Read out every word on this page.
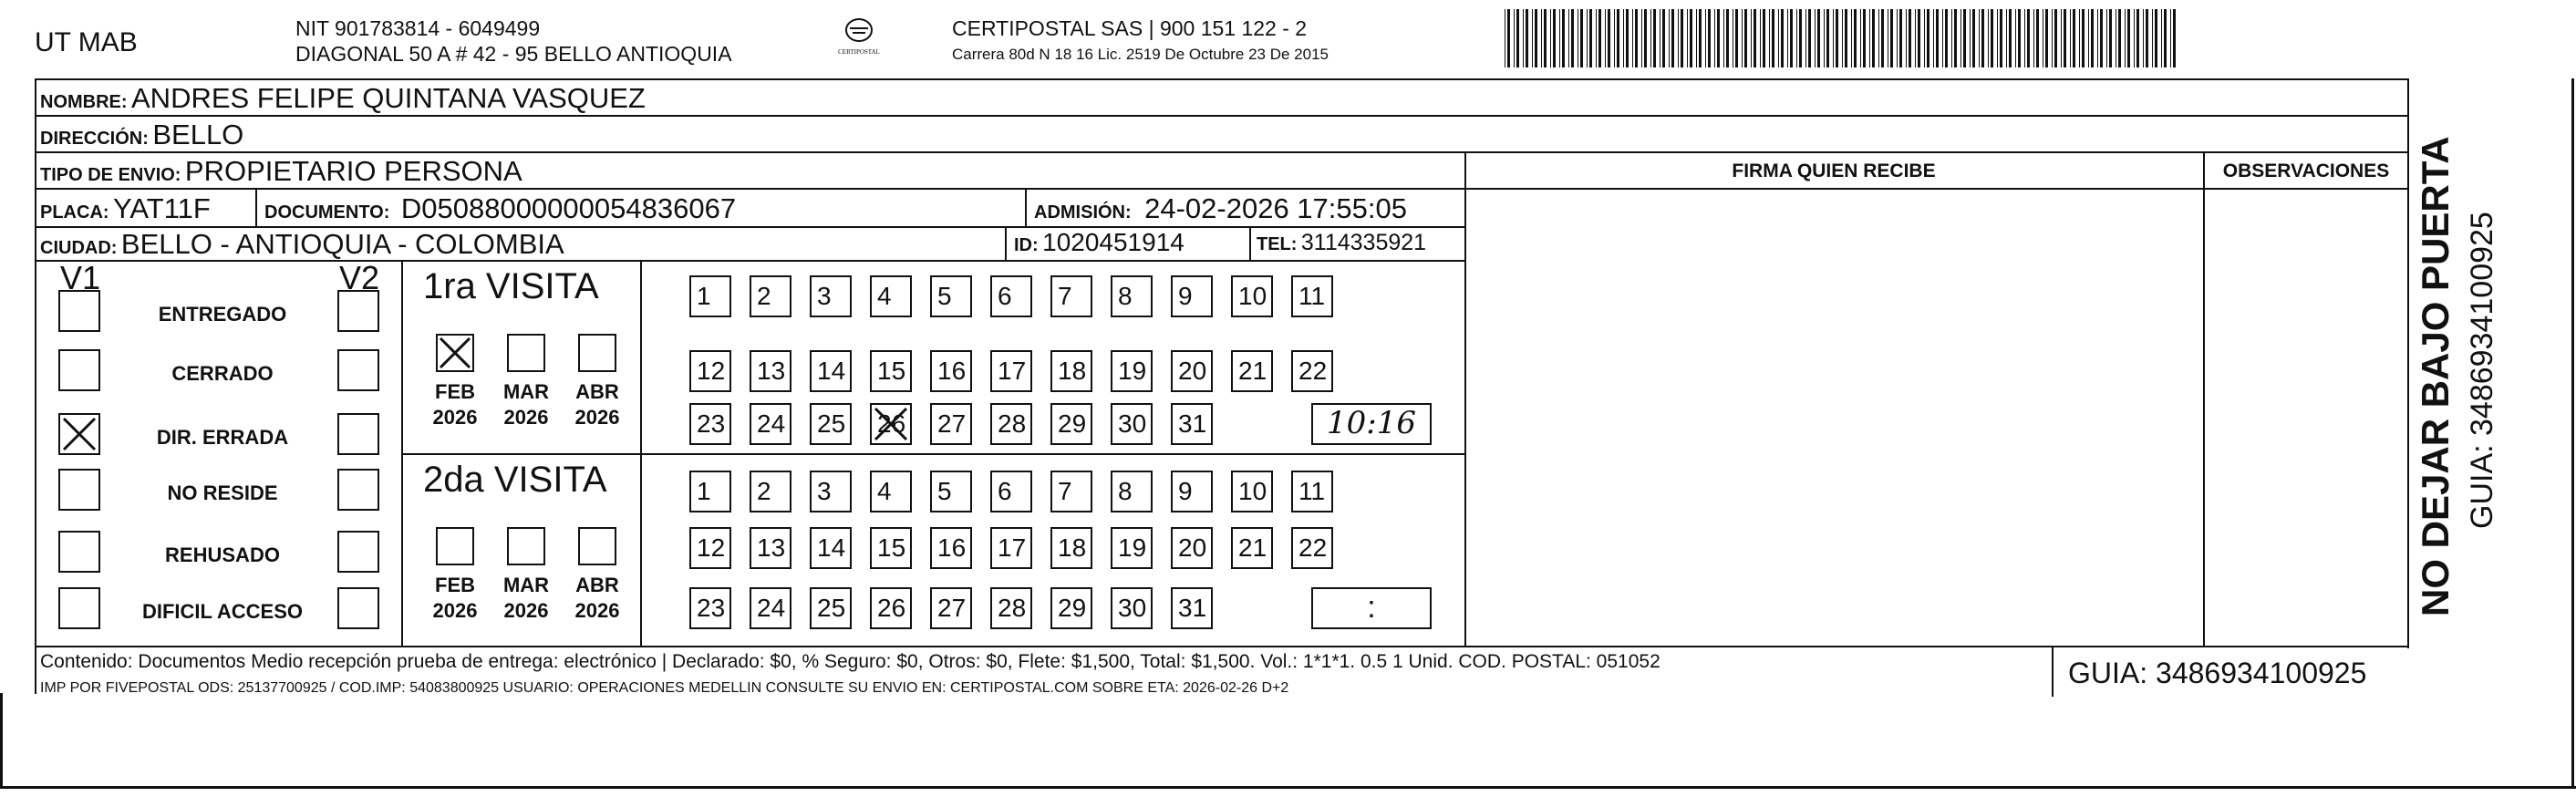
UT MAB	NIT 901783814 - 6049499
DIAGONAL 50 A # 42 - 95 BELLO ANTIOQUIA	CERTIPOSTAL
CERTIPOSTAL SAS | 900 151 122 - 2
Carrera 80d N 18 16 Lic. 2519 De Octubre 23 De 2015
NOMBRE: ANDRES FELIPE QUINTANA VASQUEZ
DIRECCIÓN: BELLO
TIPO DE ENVIO: PROPIETARIO PERSONA	FIRMA QUIEN RECIBE	OBSERVACIONES
PLACA: YAT11F	DOCUMENTO: D05088000000054836067	ADMISIÓN: 24-02-2026 17:55:05
CIUDAD: BELLO - ANTIOQUIA - COLOMBIA	ID: 1020451914	TEL: 3114335921
V1	V2
ENTREGADO
CERRADO
DIR. ERRADA
NO RESIDE
REHUSADO
DIFICIL ACCESO
1ra VISITA
FEB
2026
MAR
2026
ABR
2026
1	2	3	4	5	6	7	8	9	10 11
12 13 14 15 16 17 18 19 20 21 22
23 24 25 26 27 28 29 30 31	10:16
2da VISITA
FEB
2026
MAR
2026
ABR
2026
1	2	3	4	5	6	7	8	9	10 11
12 13 14 15 16 17 18 19 20 21 22
23 24 25 26 27 28 29 30 31	:
Contenido: Documentos Medio recepción prueba de entrega: electrónico | Declarado: $0, % Seguro: $0, Otros: $0, Flete: $1,500, Total: $1,500. Vol.: 1*1*1. 0.5 1 Unid. COD. POSTAL: 051052
IMP POR FIVEPOSTAL ODS: 25137700925 / COD.IMP: 54083800925 USUARIO: OPERACIONES MEDELLIN CONSULTE SU ENVIO EN: CERTIPOSTAL.COM SOBRE ETA: 2026-02-26 D+2	GUIA: 3486934100925
NO DEJAR BAJO PUERTA GUIA: 3486934100925
